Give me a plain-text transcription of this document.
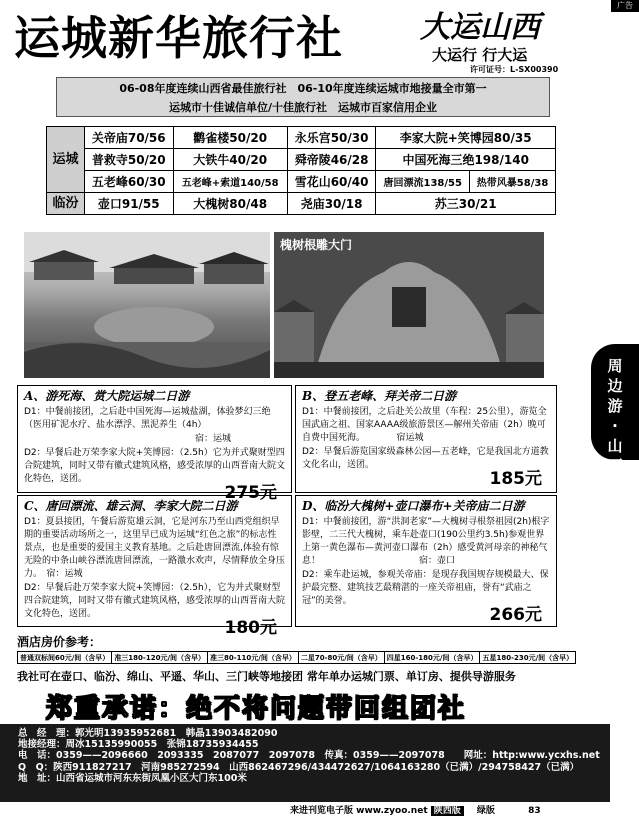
广告
运城新华旅行社	大运山西
大运行 行大运
许可证号：L-SX00390
06-08年度连续山西省最佳旅行社　06-10年度连续运城市地接量全市第一
运城市十佳诚信单位/十佳旅行社　运城市百家信用企业
运城	关帝庙70/56	鹳雀楼50/20	永乐宫50/30	李家大院+笑博园80/35	
	普救寺50/20	大铁牛40/20	舜帝陵46/28	中国死海三绝198/140	
	五老峰60/30	五老峰+索道140/58	雪花山60/40	唐回漂流138/55	热带风暴58/38
临汾	壶口91/55	大槐树80/48	尧庙30/18	苏三30/21	
槐树根雕大门
周
边
游
·
山
西
A、游死海、赏大院运城二日游

D1：中餐前接团，之后赴中国死海—运城盐湖，体验梦幻三绝（医用矿泥水疗、盐水漂浮、黑泥养生（4h）

　　　　　　　　　　　　　　　　　　　宿：运城

D2：早餐后赴万荣李家大院+笑博园：（2.5h）它为并式聚财型四合院建筑，同时又带有徽式建筑风格，感受浓厚的山西晋南大院文化特色，送团。

275元
B、登五老峰、拜关帝二日游

D1：中餐前接团，之后赴关公故里（车程：25公里），游览全国武庙之祖、国家AAAA级旅游景区—解州关帝庙（2h）晚可自费中国死海。　　　　宿运城

D2：早餐后游览国家级森林公园—五老峰，它是我国北方道教文化名山，送团。

185元
C、唐回漂流、雄云洞、李家大院二日游

D1：夏县接团，午餐后游览雄云洞，它是河东乃至山西党组织早期的重要活动场所之一，这里早已成为运城“红色之旅”的标志性景点，也是重要的爱国主义教育基地。之后赴唐回漂流,体验有惊无险的中条山峡谷漂流唐回漂流，一路激水欢声，尽情释放全身压力。　宿：运城

D2：早餐后赴万荣李家大院+笑博园：（2.5h），它为并式聚财型四合院建筑，同时又带有徽式建筑风格，感受浓厚的山西晋南大院文化特色，送团。

180元
D、临汾大槐树+壶口瀑布+关帝庙二日游

D1：中餐前接团，游“洪洞老家”—大槐树寻根祭祖园(2h)根字影壁，二三代大槐树，乘车赴壶口(190公里约3.5h)参观世界上第一黄色瀑布—黄河壶口瀑布（2h）感受黄河母亲的神秘气息！　　　　　　　　　　　宿：壶口

D2：乘车赴运城，参观关帝庙：是现存我国规存规模最大、保护最完整、建筑技艺最精湛的一座关帝祖庙，誉有“武庙之冠”的美誉。

266元
酒店房价参考：
普通双标间60元/间（含早）	准三180-120元/间（含早）	准三80-110元/间（含早）	二星70-80元/间（含早）	四星160-180元/间（含早）	五星180-230元/间（含早）
我社可在壶口、临汾、绵山、平遥、华山、三门峡等地接团 常年单办运城门票、单订房、提供导游服务
郑重承诺：绝不将问题带回组团社
总　经　理：郭光明13935952681　韩晶13903482090
地接经理：周冰15135990055　张锦18735934455
电　话：0359——2096660　2093335　2087077　2097078　传真：0359——2097078　　网址：http:www.ycxhs.net
Q　Q：陕西911827217　河南985272594　山西862467296/434472627/1064163280（已满）/294758427（已满）
地　址：山西省运城市河东东街凤凰小区大门东100米
来进刊览电子版 www.zyoo.net 陕西版 绿版	83
